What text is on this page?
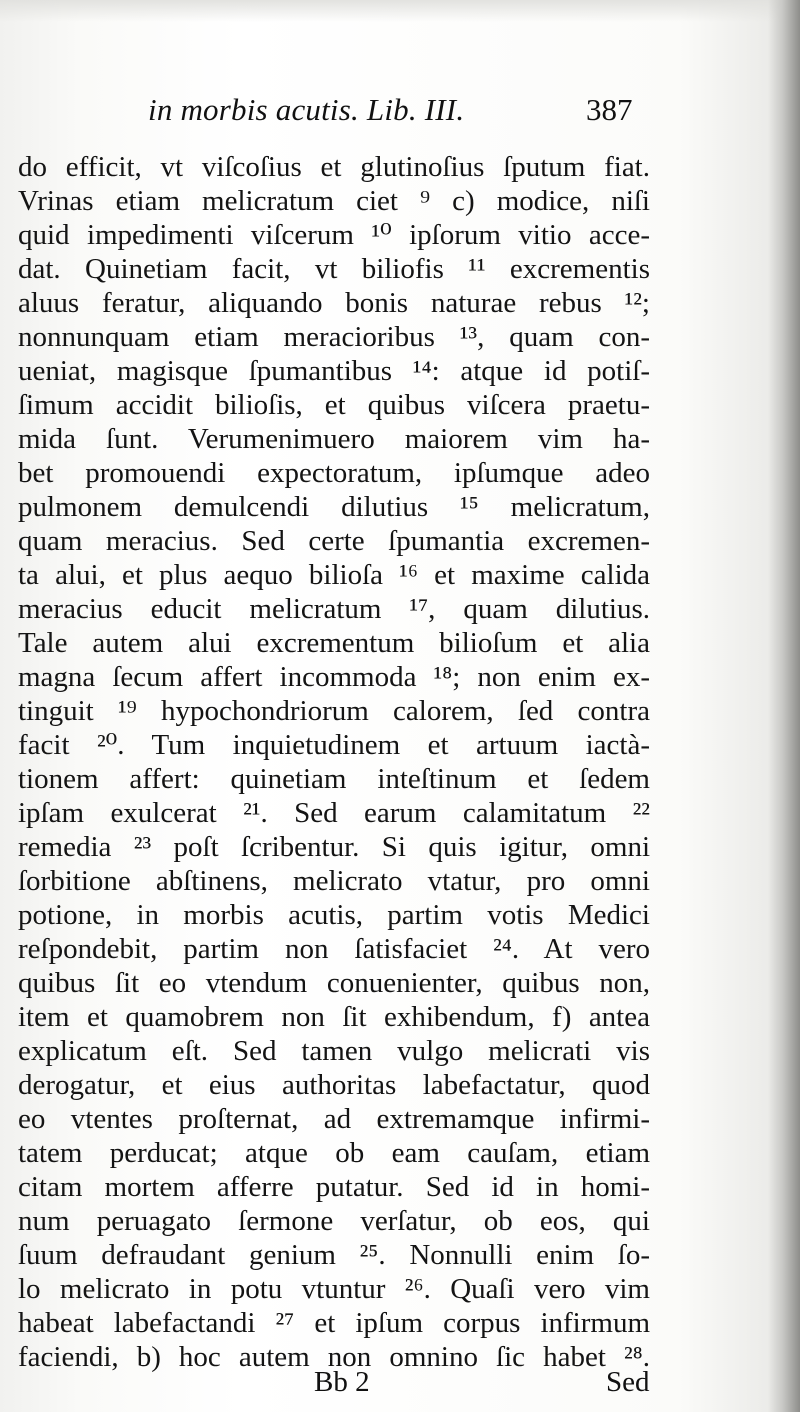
in morbis acutis. Lib. III.	387
do efficit, vt viſcoſius et glutinoſius ſputum fiat.
Vrinas etiam melicratum ciet ⁹ c) modice, niſi
quid impedimenti viſcerum ¹⁰ ipſorum vitio acce-
dat. Quinetiam facit, vt biliofis ¹¹ excrementis
aluus feratur, aliquando bonis naturae rebus ¹²;
nonnunquam etiam meracioribus ¹³, quam con-
ueniat, magisque ſpumantibus ¹⁴: atque id potiſ-
ſimum accidit bilioſis, et quibus viſcera praetu-
mida ſunt. Verumenimuero maiorem vim ha-
bet promouendi expectoratum, ipſumque adeo
pulmonem demulcendi dilutius ¹⁵ melicratum,
quam meracius. Sed certe ſpumantia excremen-
ta alui, et plus aequo bilioſa ¹⁶ et maxime calida
meracius educit melicratum ¹⁷, quam dilutius.
Tale autem alui excrementum bilioſum et alia
magna ſecum affert incommoda ¹⁸; non enim ex-
tinguit ¹⁹ hypochondriorum calorem, ſed contra
facit ²⁰. Tum inquietudinem et artuum iactà-
tionem affert: quinetiam inteſtinum et ſedem
ipſam exulcerat ²¹. Sed earum calamitatum ²²
remedia ²³ poſt ſcribentur. Si quis igitur, omni
ſorbitione abſtinens, melicrato vtatur, pro omni
potione, in morbis acutis, partim votis Medici
reſpondebit, partim non ſatisfaciet ²⁴. At vero
quibus ſit eo vtendum conuenienter, quibus non,
item et quamobrem non ſit exhibendum, f) antea
explicatum eſt. Sed tamen vulgo melicrati vis
derogatur, et eius authoritas labefactatur, quod
eo vtentes proſternat, ad extremamque infirmi-
tatem perducat; atque ob eam cauſam, etiam
citam mortem afferre putatur. Sed id in homi-
num peruagato ſermone verſatur, ob eos, qui
ſuum defraudant genium ²⁵. Nonnulli enim ſo-
lo melicrato in potu vtuntur ²⁶. Quaſi vero vim
habeat labefactandi ²⁷ et ipſum corpus infirmum
faciendi, b) hoc autem non omnino ſic habet ²⁸.
Bb 2	Sed
